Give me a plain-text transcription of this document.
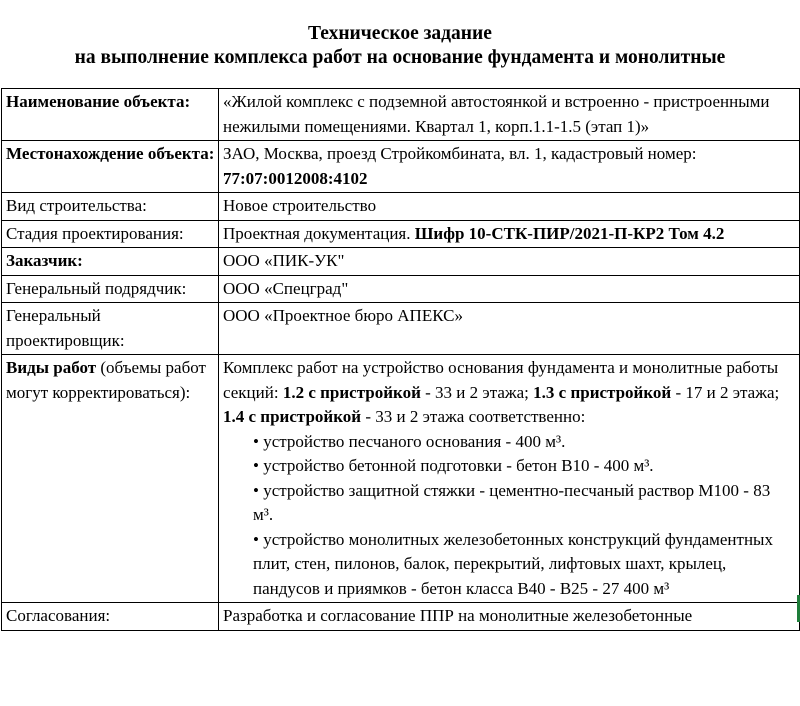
Техническое задание
на выполнение комплекса работ на основание фундамента и монолитные
Наименование объекта:	«Жилой комплекс с подземной автостоянкой и встроенно - пристроенными нежилыми помещениями. Квартал 1, корп.1.1-1.5 (этап 1)»
Местонахождение объекта:	ЗАО, Москва, проезд Стройкомбината, вл. 1, кадастровый номер: 77:07:0012008:4102
Вид строительства:	Новое строительство
Стадия проектирования:	Проектная документация. Шифр 10-СТК-ПИР/2021-П-КР2 Том 4.2
Заказчик:	ООО «ПИК-УК"
Генеральный подрядчик:	ООО «Спецград"
Генеральный проектировщик:	ООО «Проектное бюро АПЕКС»
Виды работ (объемы работ могут корректироваться):	Комплекс работ на устройство основания фундамента и монолитные работы секций: 1.2 с пристройкой - 33 и 2 этажа; 1.3 с пристройкой - 17 и 2 этажа; 1.4 с пристройкой - 33 и 2 этажа соответственно:
• устройство песчаного основания - 400 м³.
• устройство бетонной подготовки - бетон В10 - 400 м³.
• устройство защитной стяжки - цементно-песчаный раствор М100 - 83 м³.
• устройство монолитных железобетонных конструкций фундаментных плит, стен, пилонов, балок, перекрытий, лифтовых шахт, крылец, пандусов и приямков - бетон класса В40 - В25 - 27 400 м³

Согласования:	Разработка и согласование ППР на монолитные железобетонные
